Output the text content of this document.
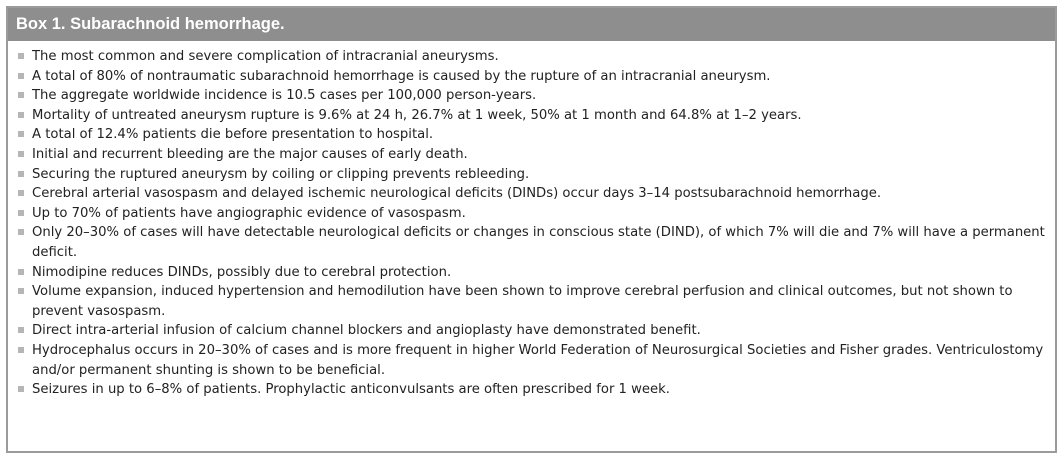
Box 1. Subarachnoid hemorrhage.
The most common and severe complication of intracranial aneurysms.
A total of 80% of nontraumatic subarachnoid hemorrhage is caused by the rupture of an intracranial aneurysm.
The aggregate worldwide incidence is 10.5 cases per 100,000 person-years.
Mortality of untreated aneurysm rupture is 9.6% at 24 h, 26.7% at 1 week, 50% at 1 month and 64.8% at 1–2 years.
A total of 12.4% patients die before presentation to hospital.
Initial and recurrent bleeding are the major causes of early death.
Securing the ruptured aneurysm by coiling or clipping prevents rebleeding.
Cerebral arterial vasospasm and delayed ischemic neurological deficits (DINDs) occur days 3–14 postsubarachnoid hemorrhage.
Up to 70% of patients have angiographic evidence of vasospasm.
Only 20–30% of cases will have detectable neurological deficits or changes in conscious state (DIND), of which 7% will die and 7% will have a permanent deficit.
Nimodipine reduces DINDs, possibly due to cerebral protection.
Volume expansion, induced hypertension and hemodilution have been shown to improve cerebral perfusion and clinical outcomes, but not shown to prevent vasospasm.
Direct intra-arterial infusion of calcium channel blockers and angioplasty have demonstrated benefit.
Hydrocephalus occurs in 20–30% of cases and is more frequent in higher World Federation of Neurosurgical Societies and Fisher grades. Ventriculostomy and/or permanent shunting is shown to be beneficial.
Seizures in up to 6–8% of patients. Prophylactic anticonvulsants are often prescribed for 1 week.
